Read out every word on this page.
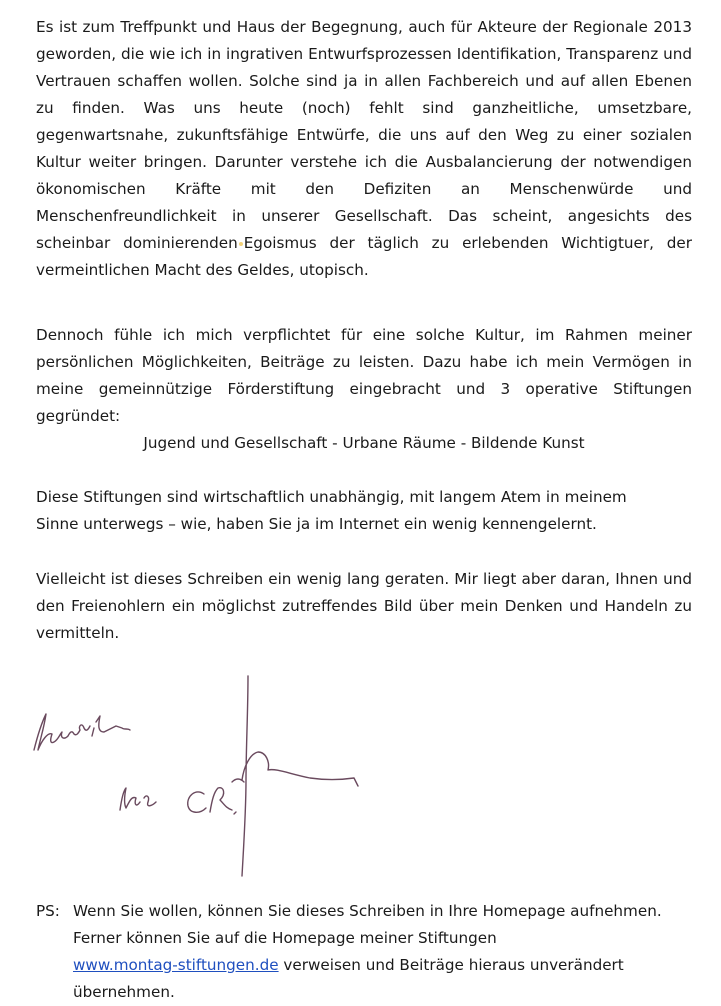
Es ist zum Treffpunkt und Haus der Begegnung, auch für Akteure der Regionale 2013 geworden, die wie ich in ingrativen Entwurfsprozessen Identifikation, Transparenz und Vertrauen schaffen wollen. Solche sind ja in allen Fachbereich und auf allen Ebenen zu finden. Was uns heute (noch) fehlt sind ganzheitliche, umsetzbare, gegenwartsnahe, zukunftsfähige Entwürfe, die uns auf den Weg zu einer sozialen Kultur weiter bringen. Darunter verstehe ich die Ausbalancierung der notwendigen ökonomischen Kräfte mit den Defiziten an Menschenwürde und Menschenfreundlichkeit in unserer Gesellschaft. Das scheint, angesichts des scheinbar dominierenden Egoismus der täglich zu erlebenden Wichtigtuer, der vermeintlichen Macht des Geldes, utopisch.

Dennoch fühle ich mich verpflichtet für eine solche Kultur, im Rahmen meiner persönlichen Möglichkeiten, Beiträge zu leisten. Dazu habe ich mein Vermögen in meine gemeinnützige Förderstiftung eingebracht und 3 operative Stiftungen gegründet:

Jugend und Gesellschaft - Urbane Räume - Bildende Kunst

Diese Stiftungen sind wirtschaftlich unabhängig, mit langem Atem in meinem
Sinne unterwegs – wie, haben Sie ja im Internet ein wenig kennengelernt.

Vielleicht ist dieses Schreiben ein wenig lang geraten. Mir liegt aber daran, Ihnen und den Freienohlern ein möglichst zutreffendes Bild über mein Denken und Handeln zu vermitteln.

PS: Wenn Sie wollen, können Sie dieses Schreiben in Ihre Homepage aufnehmen.
Ferner können Sie auf die Homepage meiner Stiftungen
www.montag-stiftungen.de verweisen und Beiträge hieraus unverändert
übernehmen.
